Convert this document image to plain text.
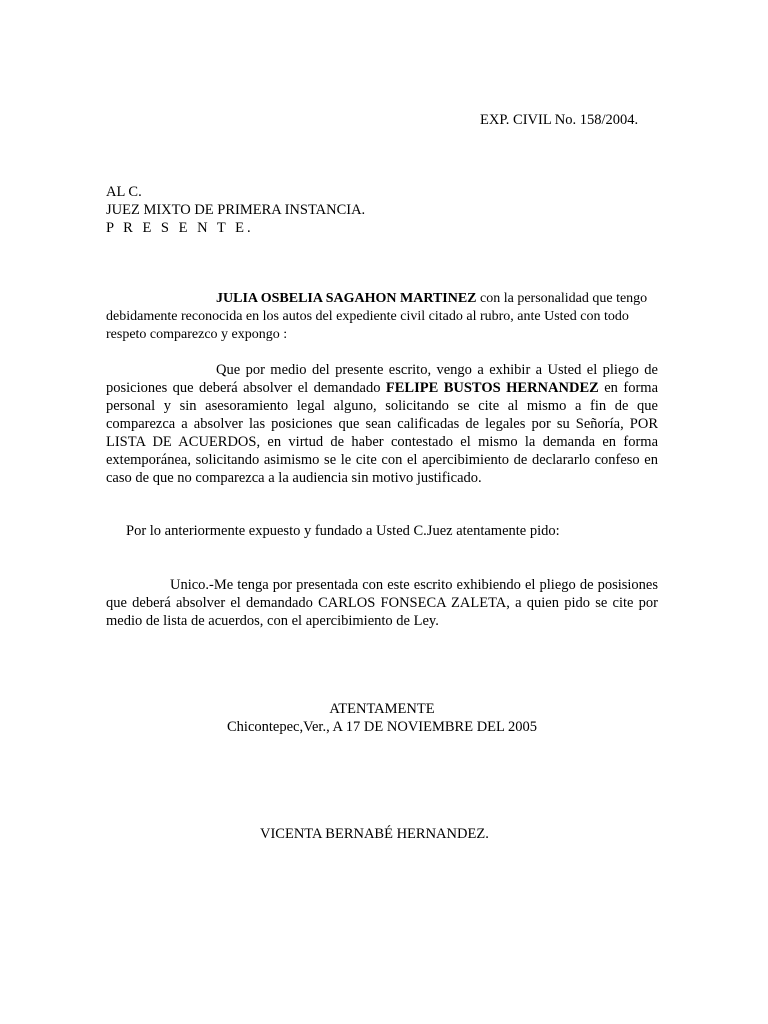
EXP. CIVIL No. 158/2004.
AL C.
JUEZ MIXTO DE PRIMERA INSTANCIA.
P R E S E N T E.

JULIA OSBELIA SAGAHON MARTINEZ con la personalidad que tengo debidamente reconocida en los autos del expediente civil citado al rubro, ante Usted con todo respeto comparezco y expongo :

Que por medio del presente escrito, vengo a exhibir a Usted el pliego de posiciones que deberá absolver el demandado FELIPE BUSTOS HERNANDEZ en forma personal y sin asesoramiento legal alguno, solicitando se cite al mismo a fin de que comparezca a absolver las posiciones que sean calificadas de legales por su Señoría, POR LISTA DE ACUERDOS, en virtud de haber contestado el mismo la demanda en forma extemporánea, solicitando asimismo se le cite con el apercibimiento de declararlo confeso en caso de que no comparezca a la audiencia sin motivo justificado.

Por lo anteriormente expuesto y fundado a Usted C.Juez atentamente pido:

Unico.-Me tenga por presentada con este escrito exhibiendo el pliego de posisiones que deberá absolver el demandado CARLOS FONSECA ZALETA, a quien pido se cite por medio de lista de acuerdos, con el apercibimiento de Ley.

ATENTAMENTE
Chicontepec,Ver., A 17 DE NOVIEMBRE DEL 2005
VICENTA BERNABÉ HERNANDEZ.
